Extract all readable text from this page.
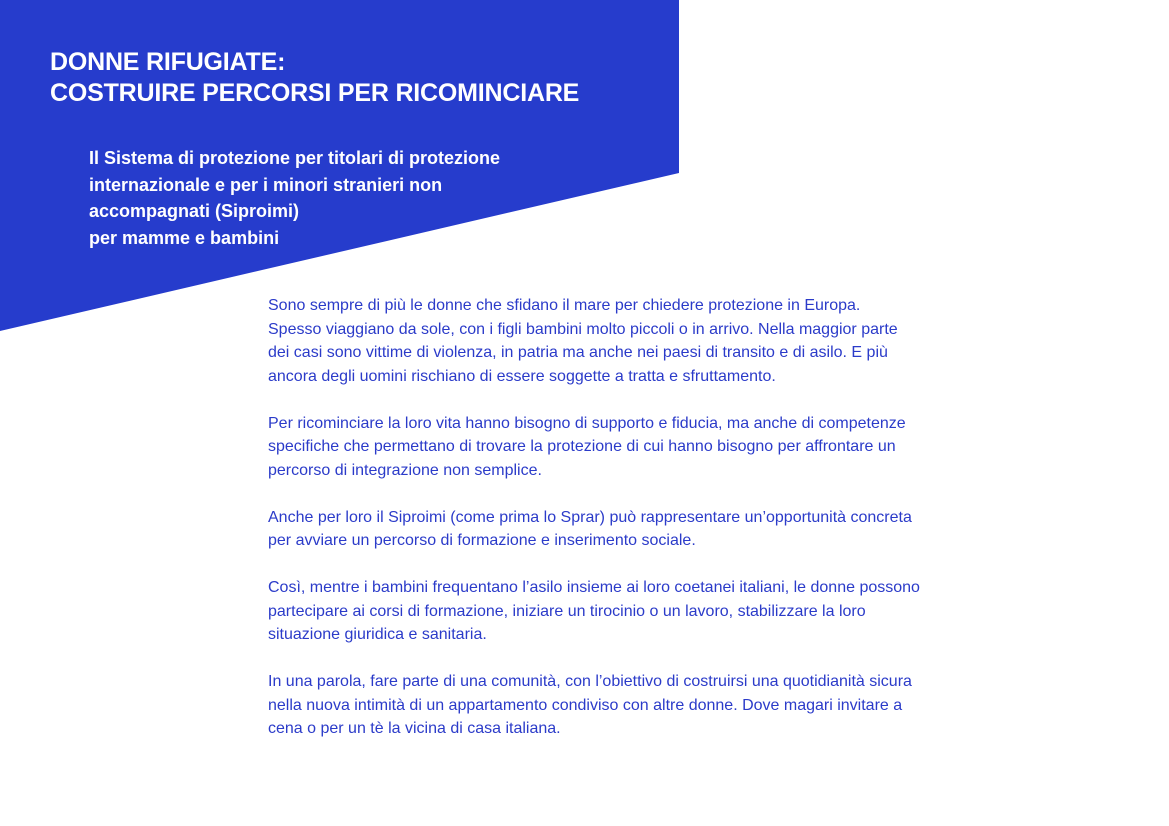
DONNE RIFUGIATE:
COSTRUIRE PERCORSI PER RICOMINCIARE
Il Sistema di protezione per titolari di protezione
internazionale e per i minori stranieri non
accompagnati (Siproimi)
per mamme e bambini

Sono sempre di più le donne che sfidano il mare per chiedere protezione in Europa.
Spesso viaggiano da sole, con i figli bambini molto piccoli o in arrivo. Nella maggior parte
dei casi sono vittime di violenza, in patria ma anche nei paesi di transito e di asilo. E più
ancora degli uomini rischiano di essere soggette a tratta e sfruttamento.

Per ricominciare la loro vita hanno bisogno di supporto e fiducia, ma anche di competenze
specifiche che permettano di trovare la protezione di cui hanno bisogno per affrontare un
percorso di integrazione non semplice.

Anche per loro il Siproimi (come prima lo Sprar) può rappresentare un’opportunità concreta
per avviare un percorso di formazione e inserimento sociale.

Così, mentre i bambini frequentano l’asilo insieme ai loro coetanei italiani, le donne possono
partecipare ai corsi di formazione, iniziare un tirocinio o un lavoro, stabilizzare la loro
situazione giuridica e sanitaria.

In una parola, fare parte di una comunità, con l’obiettivo di costruirsi una quotidianità sicura
nella nuova intimità di un appartamento condiviso con altre donne. Dove magari invitare a
cena o per un tè la vicina di casa italiana.
